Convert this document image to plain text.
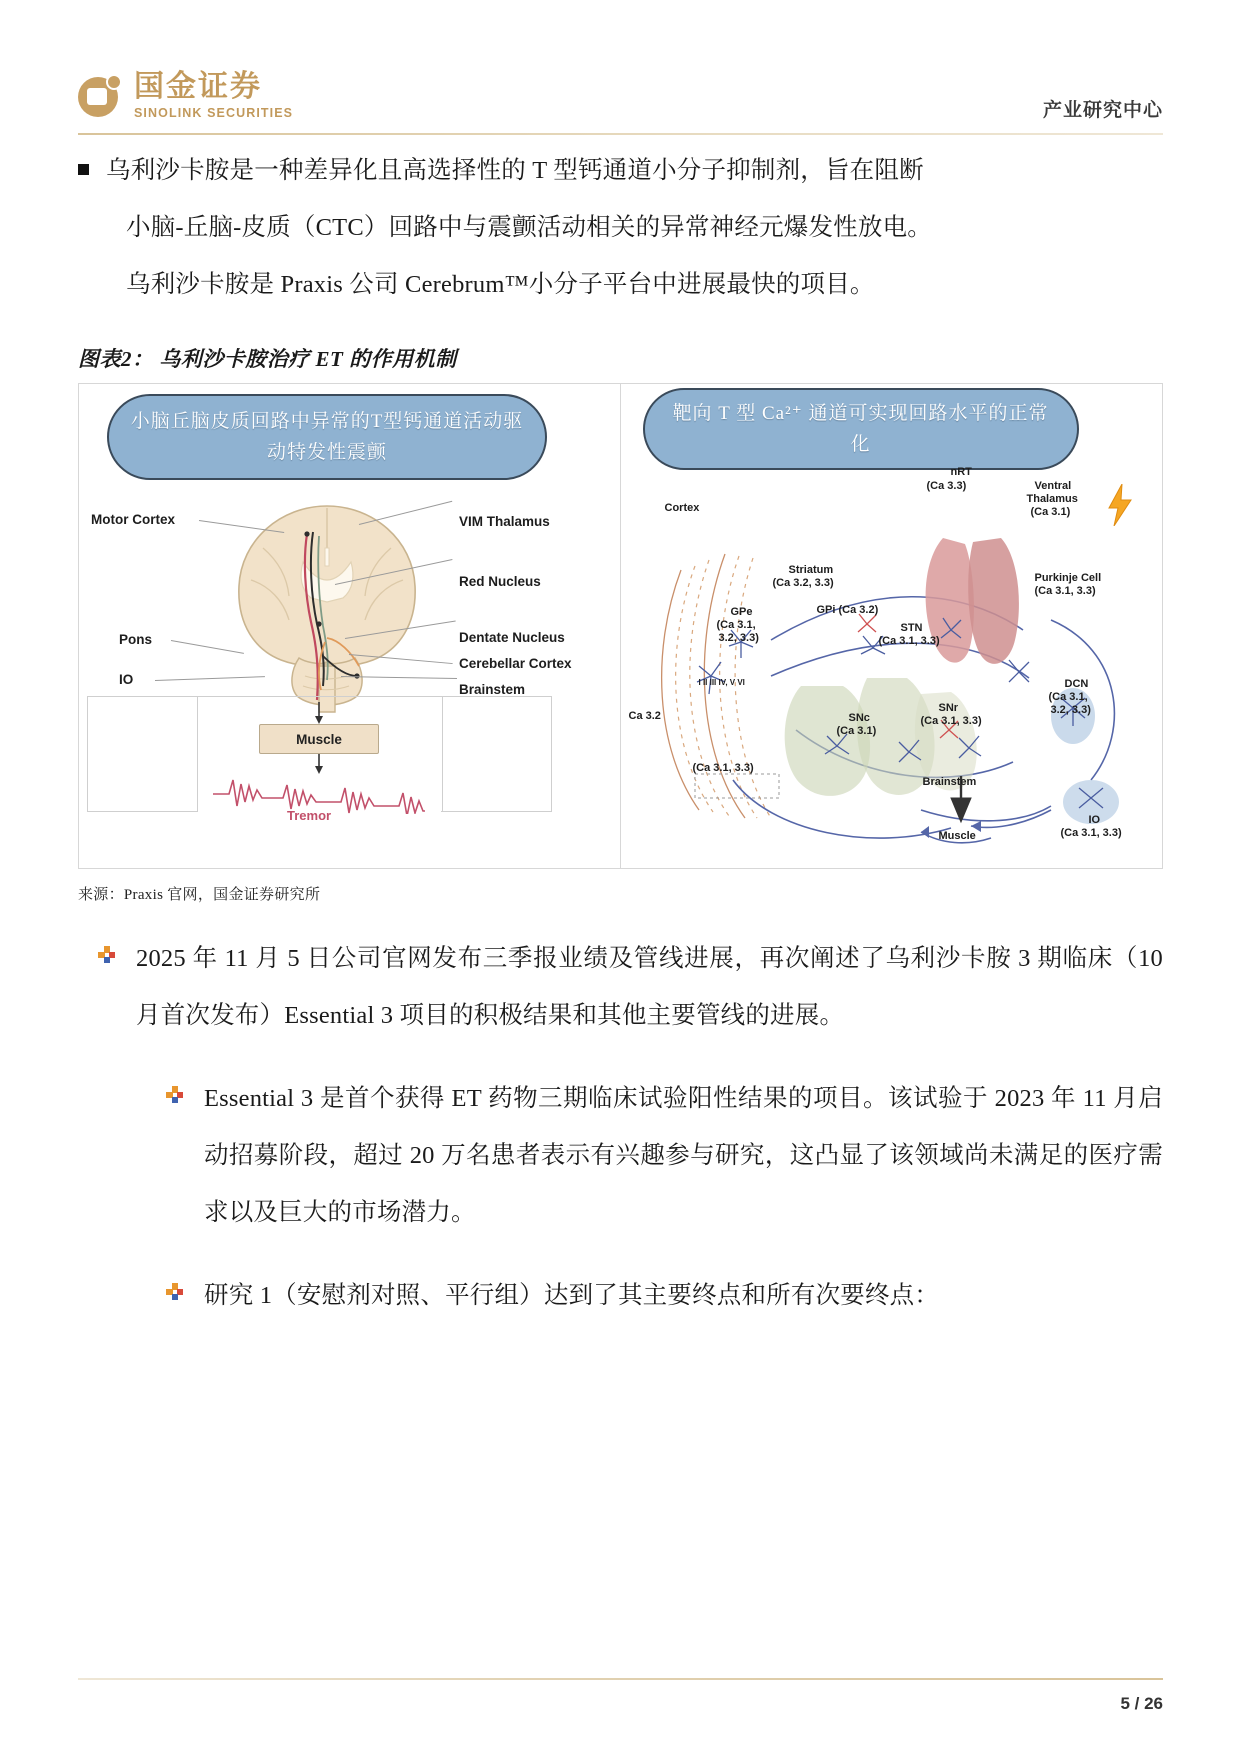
国金证券
SINOLINK SECURITIES	产业研究中心

乌利沙卡胺是一种差异化且高选择性的 T 型钙通道小分子抑制剂，旨在阻断
小脑-丘脑-皮质（CTC）回路中与震颤活动相关的异常神经元爆发性放电。
乌利沙卡胺是 Praxis 公司 Cerebrum™小分子平台中进展最快的项目。

图表2： 乌利沙卡胺治疗 ET 的作用机制
小脑丘脑皮质回路中异常的T型钙通道活动驱动特发性震颤
Motor Cortex	VIM Thalamus
Red Nucleus
Dentate Nucleus
Cerebellar Cortex
Brainstem
Pons
IO
Muscle
Tremor
靶向 T 型 Ca²⁺ 通道可实现回路水平的正常化
Cortex
nRT
(Ca 3.3)	Ventral
Thalamus
(Ca 3.1)
Striatum
(Ca 3.2, 3.3)
GPe
(Ca 3.1,
3.2, 3.3)
GPi (Ca 3.2)
STN
(Ca 3.1, 3.3)
Purkinje Cell
(Ca 3.1, 3.3)
DCN
(Ca 3.1,
3.2, 3.3)
SNc
(Ca 3.1)
SNr
(Ca 3.1, 3.3)
Ca 3.2
I II III IV, V VI
(Ca 3.1, 3.3)
Brainstem
Muscle
IO
(Ca 3.1, 3.3)
来源：Praxis 官网，国金证券研究所

2025 年 11 月 5 日公司官网发布三季报业绩及管线进展，再次阐述了乌利沙卡胺 3 期临床（10 月首次发布）Essential 3 项目的积极结果和其他主要管线的进展。

Essential 3 是首个获得 ET 药物三期临床试验阳性结果的项目。该试验于 2023 年 11 月启动招募阶段，超过 20 万名患者表示有兴趣参与研究，这凸显了该领域尚未满足的医疗需求以及巨大的市场潜力。

研究 1（安慰剂对照、平行组）达到了其主要终点和所有次要终点：

5 / 26
